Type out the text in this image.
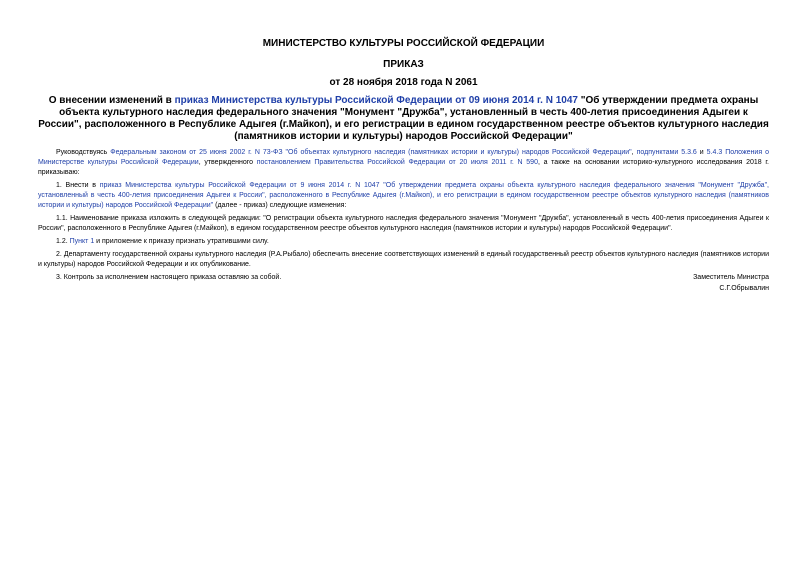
МИНИСТЕРСТВО КУЛЬТУРЫ РОССИЙСКОЙ ФЕДЕРАЦИИ
ПРИКАЗ
от 28 ноября 2018 года N 2061
О внесении изменений в приказ Министерства культуры Российской Федерации от 09 июня 2014 г. N 1047 "Об утверждении предмета охраны объекта культурного наследия федерального значения "Монумент "Дружба", установленный в честь 400-летия присоединения Адыгеи к России", расположенного в Республике Адыгея (г.Майкоп), и его регистрации в едином государственном реестре объектов культурного наследия (памятников истории и культуры) народов Российской Федерации"

Руководствуясь Федеральным законом от 25 июня 2002 г. N 73-ФЗ "Об объектах культурного наследия (памятниках истории и культуры) народов Российской Федерации", подпунктами 5.3.6 и 5.4.3 Положения о Министерстве культуры Российской Федерации, утвержденного постановлением Правительства Российской Федерации от 20 июля 2011 г. N 590, а также на основании историко-культурного исследования 2018 г. приказываю:

1. Внести в приказ Министерства культуры Российской Федерации от 9 июня 2014 г. N 1047 "Об утверждении предмета охраны объекта культурного наследия федерального значения "Монумент "Дружба", установленный в честь 400-летия присоединения Адыгеи к России", расположенного в Республике Адыгея (г.Майкоп), и его регистрации в едином государственном реестре объектов культурного наследия (памятников истории и культуры) народов Российской Федерации" (далее - приказ) следующие изменения:

1.1. Наименование приказа изложить в следующей редакции: "О регистрации объекта культурного наследия федерального значения "Монумент "Дружба", установленный в честь 400-летия присоединения Адыгеи к России", расположенного в Республике Адыгея (г.Майкоп), в едином государственном реестре объектов культурного наследия (памятников истории и культуры) народов Российской Федерации".

1.2. Пункт 1 и приложение к приказу признать утратившими силу.

2. Департаменту государственной охраны культурного наследия (Р.А.Рыбало) обеспечить внесение соответствующих изменений в единый государственный реестр объектов культурного наследия (памятников истории и культуры) народов Российской Федерации и их опубликование.

3. Контроль за исполнением настоящего приказа оставляю за собой.	Заместитель Министра
С.Г.Обрывалин
